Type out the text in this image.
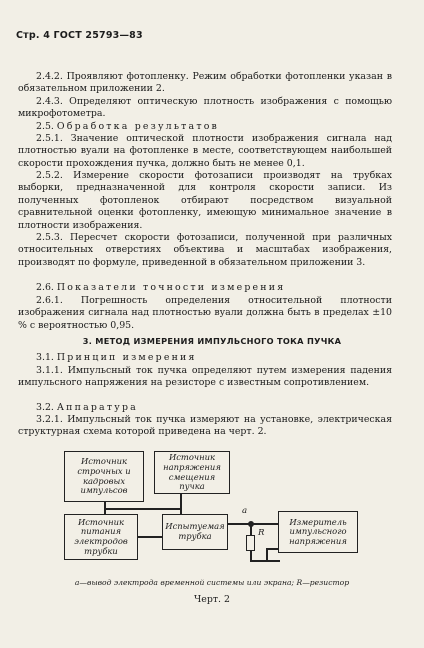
Стр. 4 ГОСТ 25793—83
2.4.2. Проявляют фотопленку. Режим обработки фотопленки указан в обязательном приложении 2.
2.4.3. Определяют оптическую плотность изображения с помощью микрофотометра.
2.5. Обработка результатов
2.5.1. Значение оптической плотности изображения сигнала над плотностью вуали на фотопленке в месте, соответствующем наибольшей скорости прохождения пучка, должно быть не менее 0,1.
2.5.2. Измерение скорости фотозаписи производят на трубках выборки, предназначенной для контроля скорости записи. Из полученных фотопленок отбирают посредством визуальной сравнительной оценки фотопленку, имеющую минимальное значение в плотности изображения.
2.5.3. Пересчет скорости фотозаписи, полученной при различных относительных отверстиях объектива и масштабах изображения, производят по формуле, приведенной в обязательном приложении 3.
2.6. Показатели точности измерения
2.6.1. Погрешность определения относительной плотности изображения сигнала над плотностью вуали должна быть в пределах ±10 % с вероятностью 0,95.
3. МЕТОД ИЗМЕРЕНИЯ ИМПУЛЬСНОГО ТОКА ПУЧКА
3.1. Принцип измерения
3.1.1. Импульсный ток пучка определяют путем измерения падения импульсного напряжения на резисторе с известным сопротивлением.
3.2. Аппаратура
3.2.1. Импульсный ток пучка измеряют на установке, электрическая структурная схема которой приведена на черт. 2.
а
R
Источник
строчных и
кадровых
импульсов
Источник
напряжения
смещения
пучка
Источник
питания
электродов
трубки
Испытуемая
трубка
Измеритель
импульсного
напряжения
а—вывод электрода временной системы или экрана; R—резистор
Черт. 2
